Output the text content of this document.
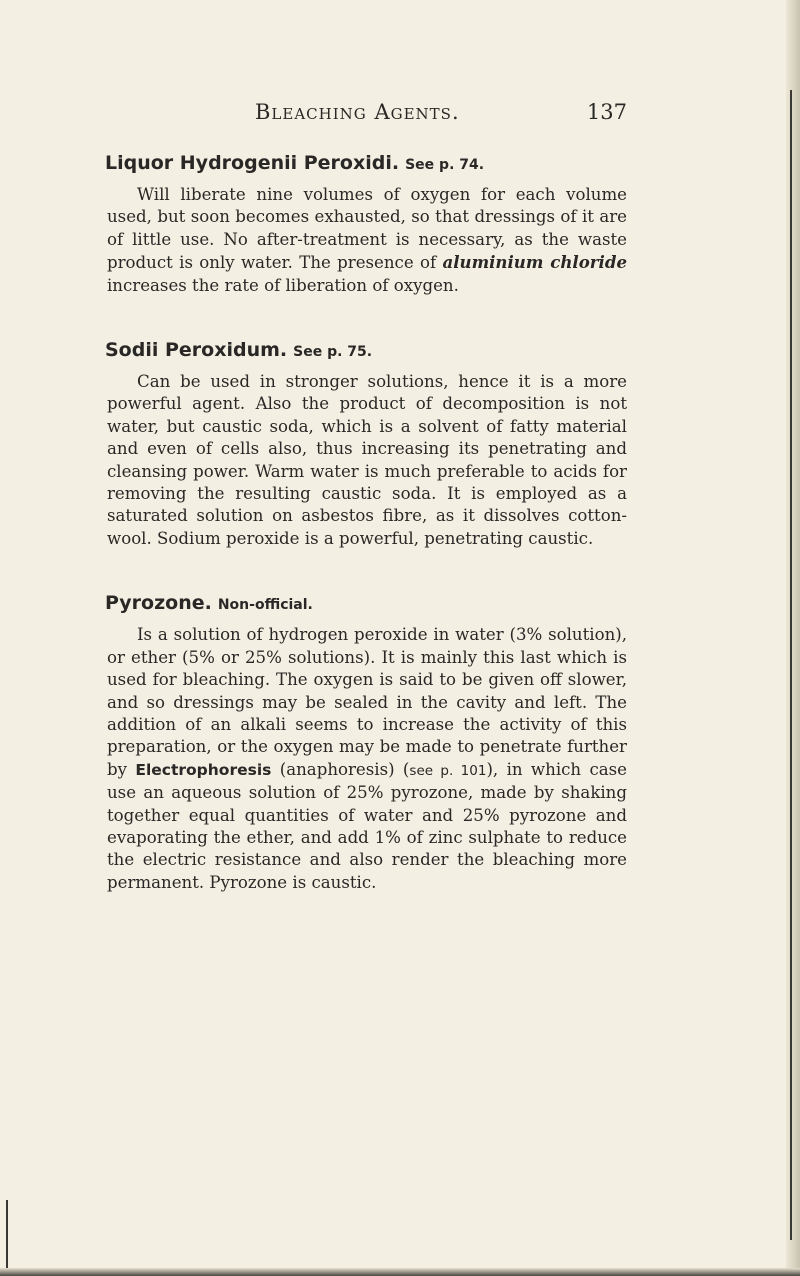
Bleaching Agents.	137
Liquor Hydrogenii Peroxidi. See p. 74.

Will liberate nine volumes of oxygen for each volume used, but soon becomes exhausted, so that dressings of it are of little use. No after-treatment is necessary, as the waste product is only water. The presence of aluminium chloride increases the rate of liberation of oxygen.

Sodii Peroxidum. See p. 75.

Can be used in stronger solutions, hence it is a more powerful agent. Also the product of decomposition is not water, but caustic soda, which is a solvent of fatty material and even of cells also, thus increasing its penetrating and cleansing power. Warm water is much preferable to acids for removing the resulting caustic soda. It is employed as a saturated solution on asbestos fibre, as it dissolves cotton-wool. Sodium peroxide is a powerful, penetrating caustic.

Pyrozone. Non-official.

Is a solution of hydrogen peroxide in water (3% solution), or ether (5% or 25% solutions). It is mainly this last which is used for bleaching. The oxygen is said to be given off slower, and so dressings may be sealed in the cavity and left. The addition of an alkali seems to increase the activity of this preparation, or the oxygen may be made to penetrate further by Electrophoresis (anaphoresis) (see p. 101), in which case use an aqueous solution of 25% pyrozone, made by shaking together equal quantities of water and 25% pyrozone and evaporating the ether, and add 1% of zinc sulphate to reduce the electric resistance and also render the bleaching more permanent. Pyrozone is caustic.
